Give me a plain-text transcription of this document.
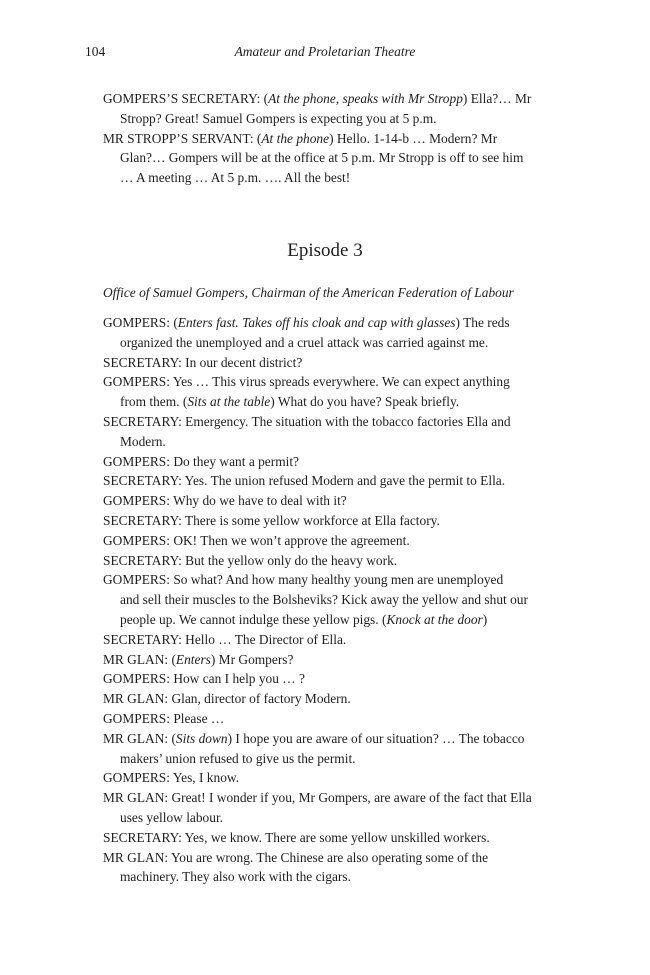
104	Amateur and Proletarian Theatre
GOMPERS’S SECRETARY: (At the phone, speaks with Mr Stropp) Ella?… Mr
Stropp? Great! Samuel Gompers is expecting you at 5 p.m.
MR STROPP’S SERVANT: (At the phone) Hello. 1-14-b … Modern? Mr
Glan?… Gompers will be at the office at 5 p.m. Mr Stropp is off to see him
… A meeting … At 5 p.m. …. All the best!
Episode 3
Office of Samuel Gompers, Chairman of the American Federation of Labour
GOMPERS: (Enters fast. Takes off his cloak and cap with glasses) The reds
organized the unemployed and a cruel attack was carried against me.
SECRETARY: In our decent district?
GOMPERS: Yes … This virus spreads everywhere. We can expect anything
from them. (Sits at the table) What do you have? Speak briefly.
SECRETARY: Emergency. The situation with the tobacco factories Ella and
Modern.
GOMPERS: Do they want a permit?
SECRETARY: Yes. The union refused Modern and gave the permit to Ella.
GOMPERS: Why do we have to deal with it?
SECRETARY: There is some yellow workforce at Ella factory.
GOMPERS: OK! Then we won’t approve the agreement.
SECRETARY: But the yellow only do the heavy work.
GOMPERS: So what? And how many healthy young men are unemployed
and sell their muscles to the Bolsheviks? Kick away the yellow and shut our
people up. We cannot indulge these yellow pigs. (Knock at the door)
SECRETARY: Hello … The Director of Ella.
MR GLAN: (Enters) Mr Gompers?
GOMPERS: How can I help you … ?
MR GLAN: Glan, director of factory Modern.
GOMPERS: Please …
MR GLAN: (Sits down) I hope you are aware of our situation? … The tobacco
makers’ union refused to give us the permit.
GOMPERS: Yes, I know.
MR GLAN: Great! I wonder if you, Mr Gompers, are aware of the fact that Ella
uses yellow labour.
SECRETARY: Yes, we know. There are some yellow unskilled workers.
MR GLAN: You are wrong. The Chinese are also operating some of the
machinery. They also work with the cigars.
